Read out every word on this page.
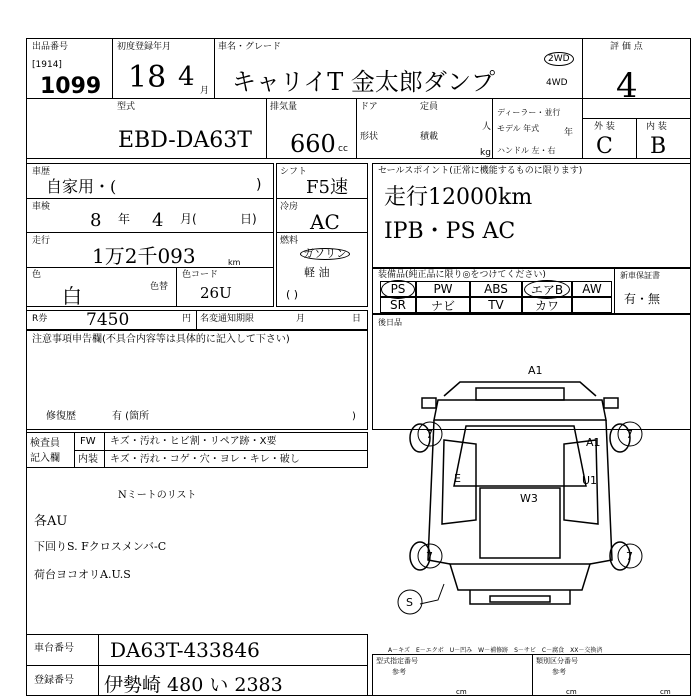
出品番号
[1914]
1099
初度登録年月
18 4 月
車名・グレード
キャリイT 金太郎ダンプ
2WD
4WD
評 価 点
4
型式
EBD-DA63T
排気量
660 cc
ドア	定員
人
形状	積載
kg
ディーラー・並行
モデル 年式	年
ハンドル 左・右
外 装	内 装
C B
車歴
自家用・(	)
車検
8 年 4 月(	日)
走行
1万2千093	km
色
白	色替
色コード
26U
シフト
F5速
冷房
AC
燃料
ガソリン
軽 油
( )
セールスポイント(正常に機能するものに限ります)
走行12000km
IPB・PS AC
装備品(純正品に限り◎をつけてください)	新車保証書
有・無
PS	PW	ABS	エアB	AW
SR	ナビ	TV	カワ
R券 7450	円 名変通知期限	月	日 後日品
注意事項申告欄(不具合内容等は具体的に記入して下さい)
修復歴	有 (箇所	)
検査員 記入欄
FW キズ・汚れ・ヒビ割・リペア跡・X要
内装 キズ・汚れ・コゲ・穴・ヨレ・キレ・破し
Nミートのリスト
各AU
下回りS. Fクロスメンバ-C
荷台ヨコオリA.U.S
A1
7	7
A1
E
W3
U1
7	7
S
A－キズ　E－エクボ　U－凹み　W－補修跡　S－サビ　C－腐食　XX－交換済
車台番号 DA63T-433846
登録番号 伊勢崎 480 い 2383
型式指定番号	類別区分番号
参考	参考
cm	cm	cm
